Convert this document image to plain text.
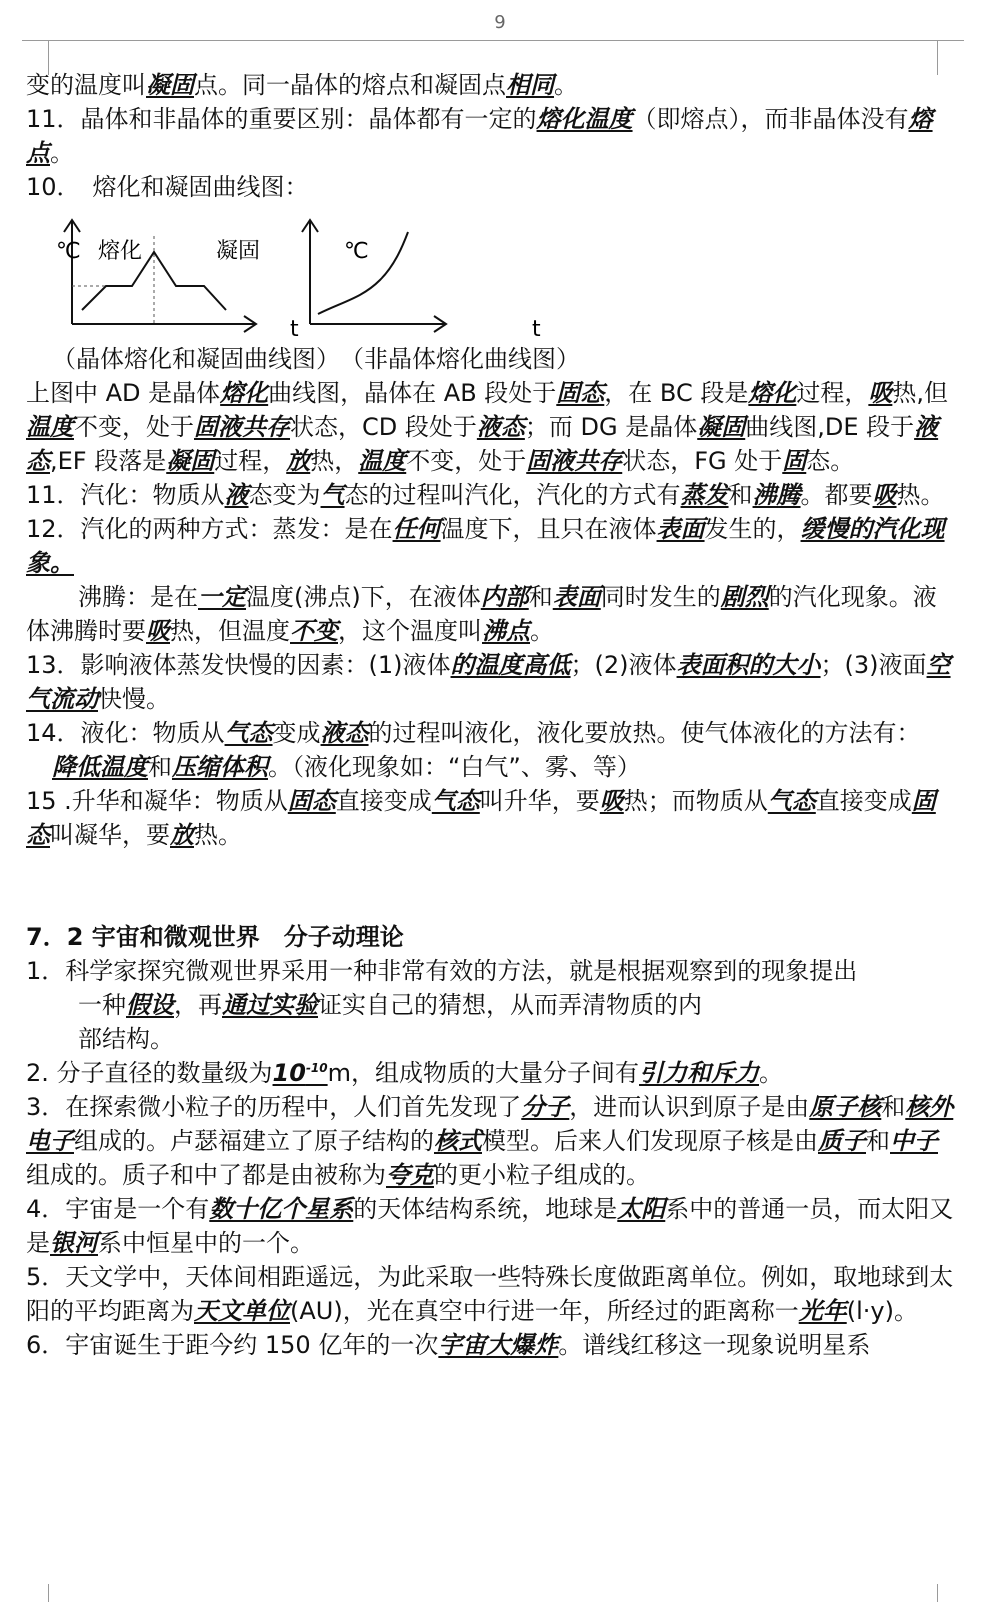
9

变的温度叫凝固点。同一晶体的熔点和凝固点相同。

11．晶体和非晶体的重要区别：晶体都有一定的熔化温度（即熔点），而非晶体没有熔点。

10．　熔化和凝固曲线图：

℃ 熔化	凝固
t
℃
t

（晶体熔化和凝固曲线图）　 （非晶体熔化曲线图）

上图中 AD 是晶体熔化曲线图，晶体在 AB 段处于固态，在 BC 段是熔化过程，吸热,但温度不变，处于固液共存状态，CD 段处于液态；而 DG 是晶体凝固曲线图,DE 段于液态,EF 段落是凝固过程，放热，温度不变，处于固液共存状态，FG 处于固态。

11．汽化：物质从液态变为气态的过程叫汽化，汽化的方式有蒸发和沸腾。都要吸热。

12．汽化的两种方式：蒸发：是在任何温度下，且只在液体表面发生的，缓慢的汽化现象。

沸腾：是在一定温度(沸点)下，在液体内部和表面同时发生的剧烈的汽化现象。液体沸腾时要吸热，但温度不变，这个温度叫沸点。

13．影响液体蒸发快慢的因素：(1)液体的温度高低；(2)液体表面积的大小；(3)液面空气流动快慢。

14．液化：物质从气态变成液态的过程叫液化，液化要放热。使气体液化的方法有：

降低温度和压缩体积。（液化现象如：“白气”、雾、等）

15 .升华和凝华：物质从固态直接变成气态叫升华，要吸热；而物质从气态直接变成固态叫凝华，要放热。

7．2 宇宙和微观世界　分子动理论

1．科学家探究微观世界采用一种非常有效的方法，就是根据观察到的现象提出

一种假设，再通过实验证实自己的猜想，从而弄清物质的内

部结构。

2. 分子直径的数量级为$10^{-10}m$，组成物质的大量分子间有引力和斥力。

3．在探索微小粒子的历程中，人们首先发现了分子，进而认识到原子是由原子核和核外电子组成的。卢瑟福建立了原子结构的核式模型。后来人们发现原子核是由质子和中子组成的。质子和中了都是由被称为夸克的更小粒子组成的。

4．宇宙是一个有数十亿个星系的天体结构系统，地球是太阳系中的普通一员，而太阳又是银河系中恒星中的一个。

5．天文学中，天体间相距遥远，为此采取一些特殊长度做距离单位。例如，取地球到太阳的平均距离为天文单位(AU)，光在真空中行进一年，所经过的距离称一光年(l·y)。

6．宇宙诞生于距今约 150 亿年的一次宇宙大爆炸。谱线红移这一现象说明星系
